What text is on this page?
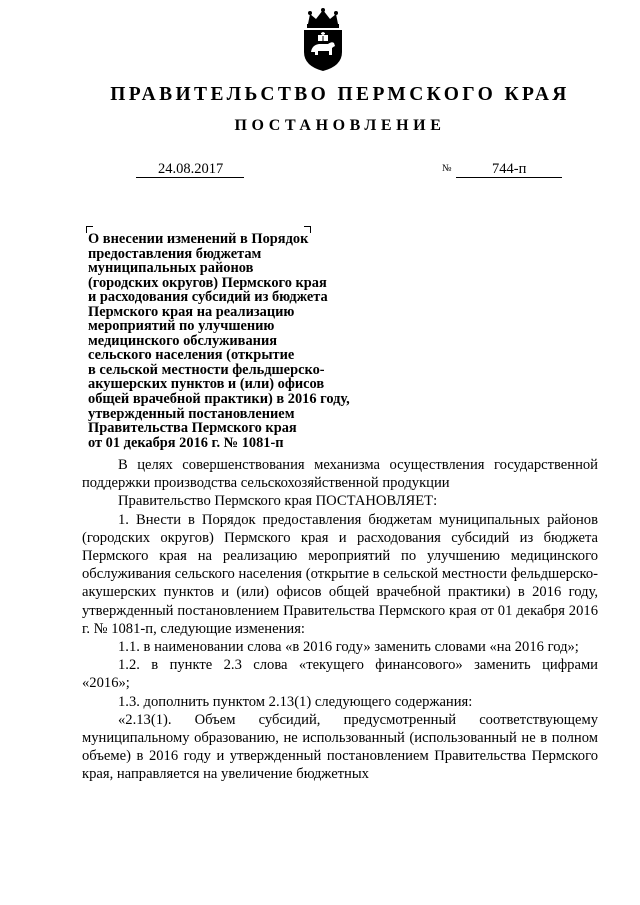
ПРАВИТЕЛЬСТВО ПЕРМСКОГО КРАЯ
ПОСТАНОВЛЕНИЕ
24.08.2017	№	744-п
О внесении изменений в Порядок
предоставления бюджетам
муниципальных районов
(городских округов) Пермского края
и расходования субсидий из бюджета
Пермского края на реализацию
мероприятий по улучшению
медицинского обслуживания
сельского населения (открытие
в сельской местности фельдшерско-
акушерских пунктов и (или) офисов
общей врачебной практики) в 2016 году,
утвержденный постановлением
Правительства Пермского края
от 01 декабря 2016 г. № 1081-п

В целях совершенствования механизма осуществления государственной поддержки производства сельскохозяйственной продукции

Правительство Пермского края ПОСТАНОВЛЯЕТ:

1. Внести в Порядок предоставления бюджетам муниципальных районов (городских округов) Пермского края и расходования субсидий из бюджета Пермского края на реализацию мероприятий по улучшению медицинского обслуживания сельского населения (открытие в сельской местности фельдшерско-акушерских пунктов и (или) офисов общей врачебной практики) в 2016 году, утвержденный постановлением Правительства Пермского края от 01 декабря 2016 г. № 1081-п, следующие изменения:

1.1. в наименовании слова «в 2016 году» заменить словами «на 2016 год»;

1.2. в пункте 2.3 слова «текущего финансового» заменить цифрами «2016»;

1.3. дополнить пунктом 2.13(1) следующего содержания:

«2.13(1). Объем субсидий, предусмотренный соответствующему муниципальному образованию, не использованный (использованный не в полном объеме) в 2016 году и утвержденный постановлением Правительства Пермского края, направляется на увеличение бюджетных
